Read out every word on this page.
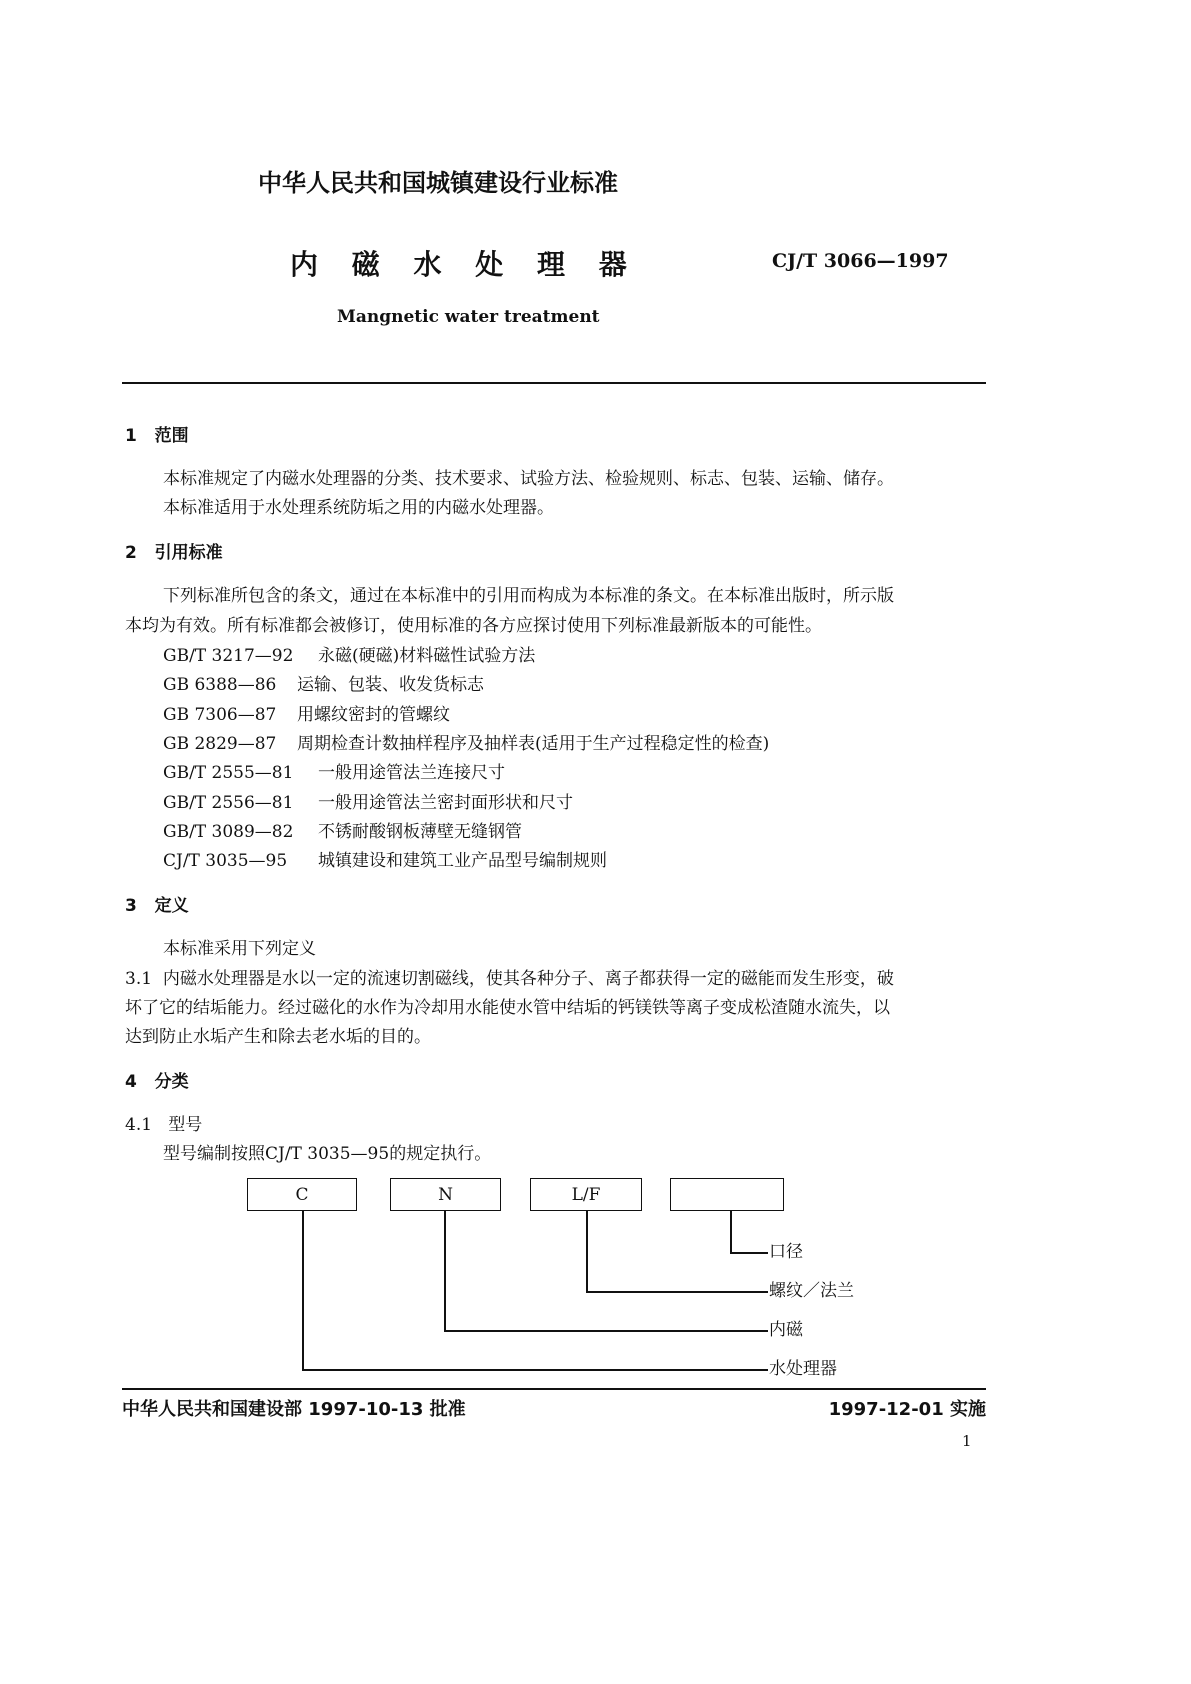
中华人民共和国城镇建设行业标准
内 磁 水 处 理 器	CJ/T 3066—1997
Mangnetic water treatment
1 范围
本标准规定了内磁水处理器的分类、技术要求、试验方法、检验规则、标志、包装、运输、储存。
本标准适用于水处理系统防垢之用的内磁水处理器。
2 引用标准
下列标准所包含的条文，通过在本标准中的引用而构成为本标准的条文。在本标准出版时，所示版
本均为有效。所有标准都会被修订，使用标准的各方应探讨使用下列标准最新版本的可能性。
GB/T 3217—92 永磁(硬磁)材料磁性试验方法
GB 6388—86 运输、包装、收发货标志
GB 7306—87 用螺纹密封的管螺纹
GB 2829—87 周期检查计数抽样程序及抽样表(适用于生产过程稳定性的检查)
GB/T 2555—81 一般用途管法兰连接尺寸
GB/T 2556—81 一般用途管法兰密封面形状和尺寸
GB/T 3089—82 不锈耐酸钢板薄壁无缝钢管
CJ/T 3035—95 城镇建设和建筑工业产品型号编制规则
3 定义
本标准采用下列定义
3.1 内磁水处理器是水以一定的流速切割磁线，使其各种分子、离子都获得一定的磁能而发生形变，破
坏了它的结垢能力。经过磁化的水作为冷却用水能使水管中结垢的钙镁铁等离子变成松渣随水流失，以
达到防止水垢产生和除去老水垢的目的。
4 分类
4.1 型号
型号编制按照CJ/T 3035—95的规定执行。
C	N	L/F
口径
螺纹／法兰
内磁
水处理器
中华人民共和国建设部 1997-10-13 批准	1997-12-01 实施
1
